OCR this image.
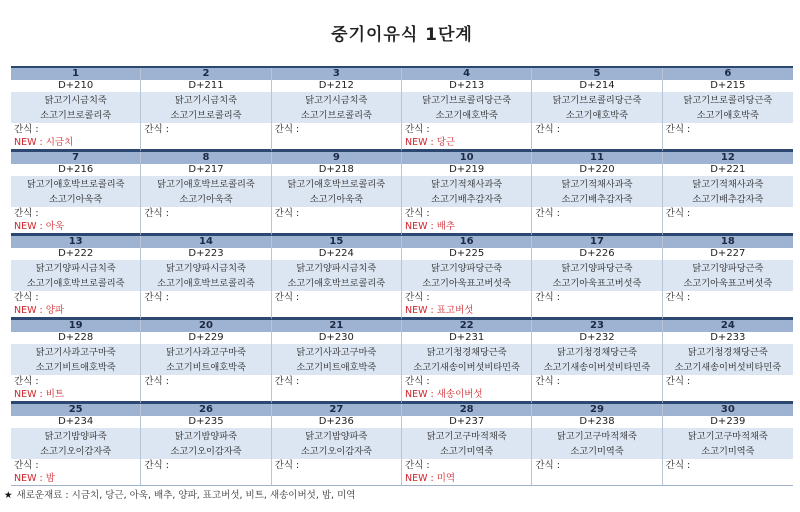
중기이유식 1단계
1
D+210
닭고기시금치죽
소고기브로콜리죽
간식 :
NEW : 시금치
2
D+211
닭고기시금치죽
소고기브로콜리죽
간식 :
3
D+212
닭고기시금치죽
소고기브로콜리죽
간식 :
4
D+213
닭고기브로콜리당근죽
소고기애호박죽
간식 :
NEW : 당근
5
D+214
닭고기브로콜리당근죽
소고기애호박죽
간식 :
6
D+215
닭고기브로콜리당근죽
소고기애호박죽
간식 :
7
D+216
닭고기애호박브로콜리죽
소고기아욱죽
간식 :
NEW : 아욱
8
D+217
닭고기애호박브로콜리죽
소고기아욱죽
간식 :
9
D+218
닭고기애호박브로콜리죽
소고기아욱죽
간식 :
10
D+219
닭고기적채사과죽
소고기배추감자죽
간식 :
NEW : 배추
11
D+220
닭고기적채사과죽
소고기배추감자죽
간식 :
12
D+221
닭고기적채사과죽
소고기배추감자죽
간식 :
13
D+222
닭고기양파시금치죽
소고기애호박브로콜리죽
간식 :
NEW : 양파
14
D+223
닭고기양파시금치죽
소고기애호박브로콜리죽
간식 :
15
D+224
닭고기양파시금치죽
소고기애호박브로콜리죽
간식 :
16
D+225
닭고기양파당근죽
소고기아욱표고버섯죽
간식 :
NEW : 표고버섯
17
D+226
닭고기양파당근죽
소고기아욱표고버섯죽
간식 :
18
D+227
닭고기양파당근죽
소고기아욱표고버섯죽
간식 :
19
D+228
닭고기사과고구마죽
소고기비트애호박죽
간식 :
NEW : 비트
20
D+229
닭고기사과고구마죽
소고기비트애호박죽
간식 :
21
D+230
닭고기사과고구마죽
소고기비트애호박죽
간식 :
22
D+231
닭고기청경채당근죽
소고기새송이버섯비타민죽
간식 :
NEW : 새송이버섯
23
D+232
닭고기청경채당근죽
소고기새송이버섯비타민죽
간식 :
24
D+233
닭고기청경채당근죽
소고기새송이버섯비타민죽
간식 :
25
D+234
닭고기밤양파죽
소고기오이감자죽
간식 :
NEW : 밤
26
D+235
닭고기밤양파죽
소고기오이감자죽
간식 :
27
D+236
닭고기밤양파죽
소고기오이감자죽
간식 :
28
D+237
닭고기고구마적채죽
소고기미역죽
간식 :
NEW : 미역
29
D+238
닭고기고구마적채죽
소고기미역죽
간식 :
30
D+239
닭고기고구마적채죽
소고기미역죽
간식 :
★ 새로운재료 : 시금치, 당근, 아욱, 배추, 양파, 표고버섯, 비트, 새송이버섯, 밤, 미역
